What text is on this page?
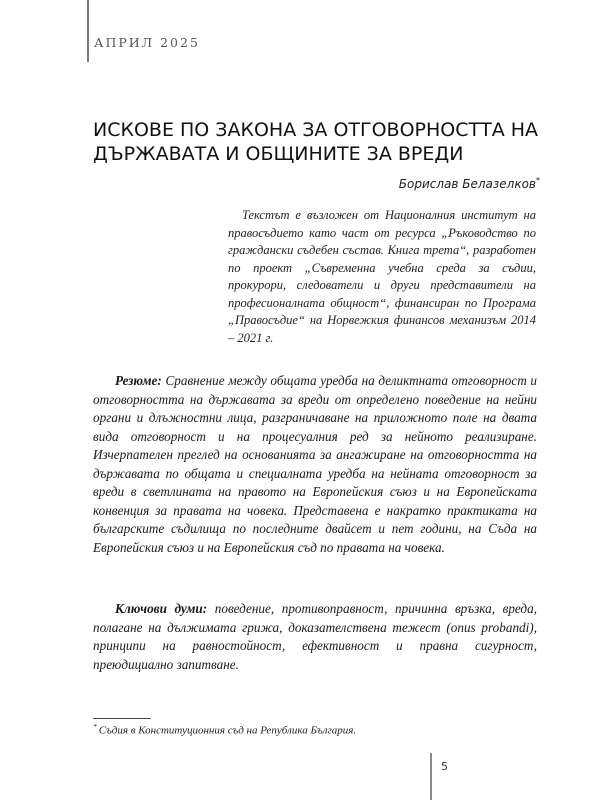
АПРИЛ 2025
ИСКОВЕ ПО ЗАКОНА ЗА ОТГОВОРНОСТТА НА ДЪРЖАВАТА И ОБЩИНИТЕ ЗА ВРЕДИ
Борислав Белазелков*

Текстът е възложен от Националния институт на правосъдието като част от ресурса „Ръководство по граждански съдебен състав. Книга трета“, разработен по проект „Съвременна учебна среда за съдии, прокурори, следователи и други представители на професионалната общност“, финансиран по Програма „Правосъдие“ на Норвежкия финансов механизъм 2014 – 2021 г.

Резюме: Сравнение между общата уредба на деликтната отговорност и отговорността на държавата за вреди от определено поведение на нейни органи и длъжностни лица, разграничаване на приложното поле на двата вида отговорност и на процесуалния ред за нейното реализиране. Изчерпателен преглед на основанията за ангажиране на отговорността на държавата по общата и специалната уредба на нейната отговорност за вреди в светлината на правото на Европейския съюз и на Европейската конвенция за правата на човека. Представена е накратко практиката на българските съдилища по последните двайсет и пет години, на Съда на Европейския съюз и на Европейския съд по правата на човека.

Ключови думи: поведение, противоправност, причинна връзка, вреда, полагане на дължимата грижа, доказателствена тежест (onus probandi), принципи на равностойност, ефективност и правна сигурност, преюдициално запитване.

* Съдия в Конституционния съд на Република България.
5
